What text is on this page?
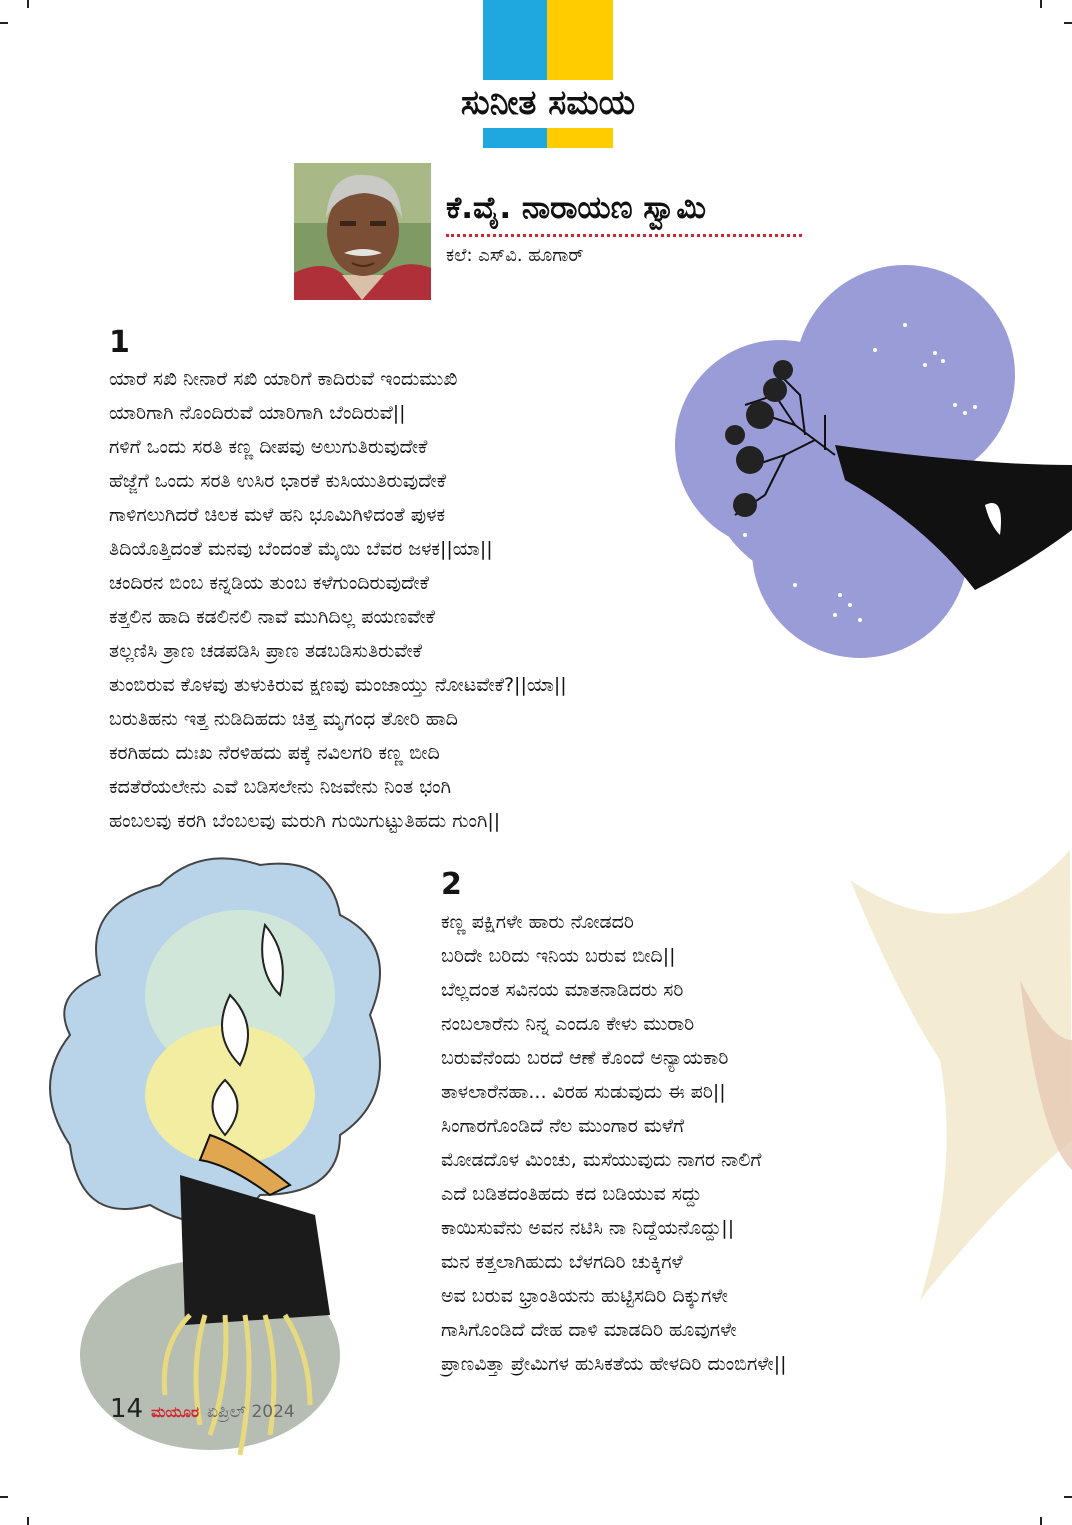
ಸುನೀತ ಸಮಯ
ಕೆ.ವೈ. ನಾರಾಯಣ ಸ್ವಾಮಿ
ಕಲೆ: ಎಸ್‌ವಿ. ಹೂಗಾರ್
1
ಯಾರೆ ಸಖಿ ನೀನಾರೆ ಸಖಿ ಯಾರಿಗೆ ಕಾದಿರುವೆ ಇಂದುಮುಖಿ
ಯಾರಿಗಾಗಿ ನೊಂದಿರುವೆ ಯಾರಿಗಾಗಿ ಬೆಂದಿರುವೆ||
ಗಳಿಗೆ ಒಂದು ಸರತಿ ಕಣ್ಣ ದೀಪವು ಅಲುಗುತಿರುವುದೇಕೆ
ಹೆಜ್ಜೆಗೆ ಒಂದು ಸರತಿ ಉಸಿರ ಭಾರಕೆ ಕುಸಿಯುತಿರುವುದೇಕೆ
ಗಾಳಿಗಲುಗಿದರೆ ಚಿಲಕ ಮಳೆ ಹನಿ ಭೂಮಿಗಿಳಿದಂತೆ ಪುಳಕ
ತಿದಿಯೊತ್ತಿದಂತೆ ಮನವು ಬೆಂದಂತೆ ಮೈಯಿ ಬೆವರ ಜಳಕ||ಯಾ||
ಚಂದಿರನ ಬಿಂಬ ಕನ್ನಡಿಯ ತುಂಬ ಕಳೆಗುಂದಿರುವುದೇಕೆ
ಕತ್ತಲಿನ ಹಾದಿ ಕಡಲಿನಲಿ ನಾವೆ ಮುಗಿದಿಲ್ಲ ಪಯಣವೇಕೆ
ತಲ್ಲಣಿಸಿ ತ್ರಾಣ ಚಡಪಡಿಸಿ ಪ್ರಾಣ ತಡಬಡಿಸುತಿರುವೇಕೆ
ತುಂಬಿರುವ ಕೊಳವು ತುಳುಕಿರುವ ಕ್ಷಣವು ಮಂಜಾಯ್ತು ನೋಟವೇಕೆ?||ಯಾ||
ಬರುತಿಹನು ಇತ್ತ ನುಡಿದಿಹದು ಚಿತ್ತ ಮೃಗಂಧ ತೋರಿ ಹಾದಿ
ಕರಗಿಹದು ದುಃಖ ನೆರಳಿಹದು ಪಕ್ಕೆ ನವಿಲಗರಿ ಕಣ್ಣ ಬೀದಿ
ಕದತೆರೆಯಲೇನು ಎವೆ ಬಡಿಸಲೇನು ನಿಜವೇನು ನಿಂತ ಭಂಗಿ
ಹಂಬಲವು ಕರಗಿ ಬೆಂಬಲವು ಮರುಗಿ ಗುಯಿಗುಟ್ಟುತಿಹದು ಗುಂಗಿ||
2
ಕಣ್ಣ ಪಕ್ಷಿಗಳೇ ಹಾರು ನೋಡದರಿ
ಬರಿದೇ ಬರಿದು ಇನಿಯ ಬರುವ ಬೀದಿ||
ಬೆಲ್ಲದಂತ ಸವಿನಯ ಮಾತನಾಡಿದರು ಸರಿ
ನಂಬಲಾರೆನು ನಿನ್ನ ಎಂದೂ ಕೇಳು ಮುರಾರಿ
ಬರುವೆನೆಂದು ಬರದೆ ಆಣೆ ಕೊಂದೆ ಅನ್ಯಾಯಕಾರಿ
ತಾಳಲಾರೆನಹಾ... ವಿರಹ ಸುಡುವುದು ಈ ಪರಿ||
ಸಿಂಗಾರಗೊಂಡಿದೆ ನೆಲ ಮುಂಗಾರ ಮಳೆಗೆ
ಮೋಡದೊಳ ಮಿಂಚು, ಮಸೆಯುವುದು ನಾಗರ ನಾಲಿಗೆ
ಎದೆ ಬಡಿತದಂತಿಹದು ಕದ ಬಡಿಯುವ ಸದ್ದು
ಕಾಯಿಸುವೆನು ಅವನ ನಟಿಸಿ ನಾ ನಿದ್ದೆಯನೊದ್ದು||
ಮನ ಕತ್ತಲಾಗಿಹುದು ಬೆಳಗದಿರಿ ಚುಕ್ಕಿಗಳೆ
ಅವ ಬರುವ ಭ್ರಾಂತಿಯನು ಹುಟ್ಟಿಸದಿರಿ ದಿಕ್ಕುಗಳೇ
ಗಾಸಿಗೊಂಡಿದೆ ದೇಹ ದಾಳಿ ಮಾಡದಿರಿ ಹೂವುಗಳೇ
ಪ್ರಾಣವಿತ್ತಾ ಪ್ರೇಮಿಗಳ ಹುಸಿಕತೆಯ ಹೇಳದಿರಿ ದುಂಬಿಗಳೇ||
14 ಮಯೂರ ಏಪ್ರಿಲ್ 2024
